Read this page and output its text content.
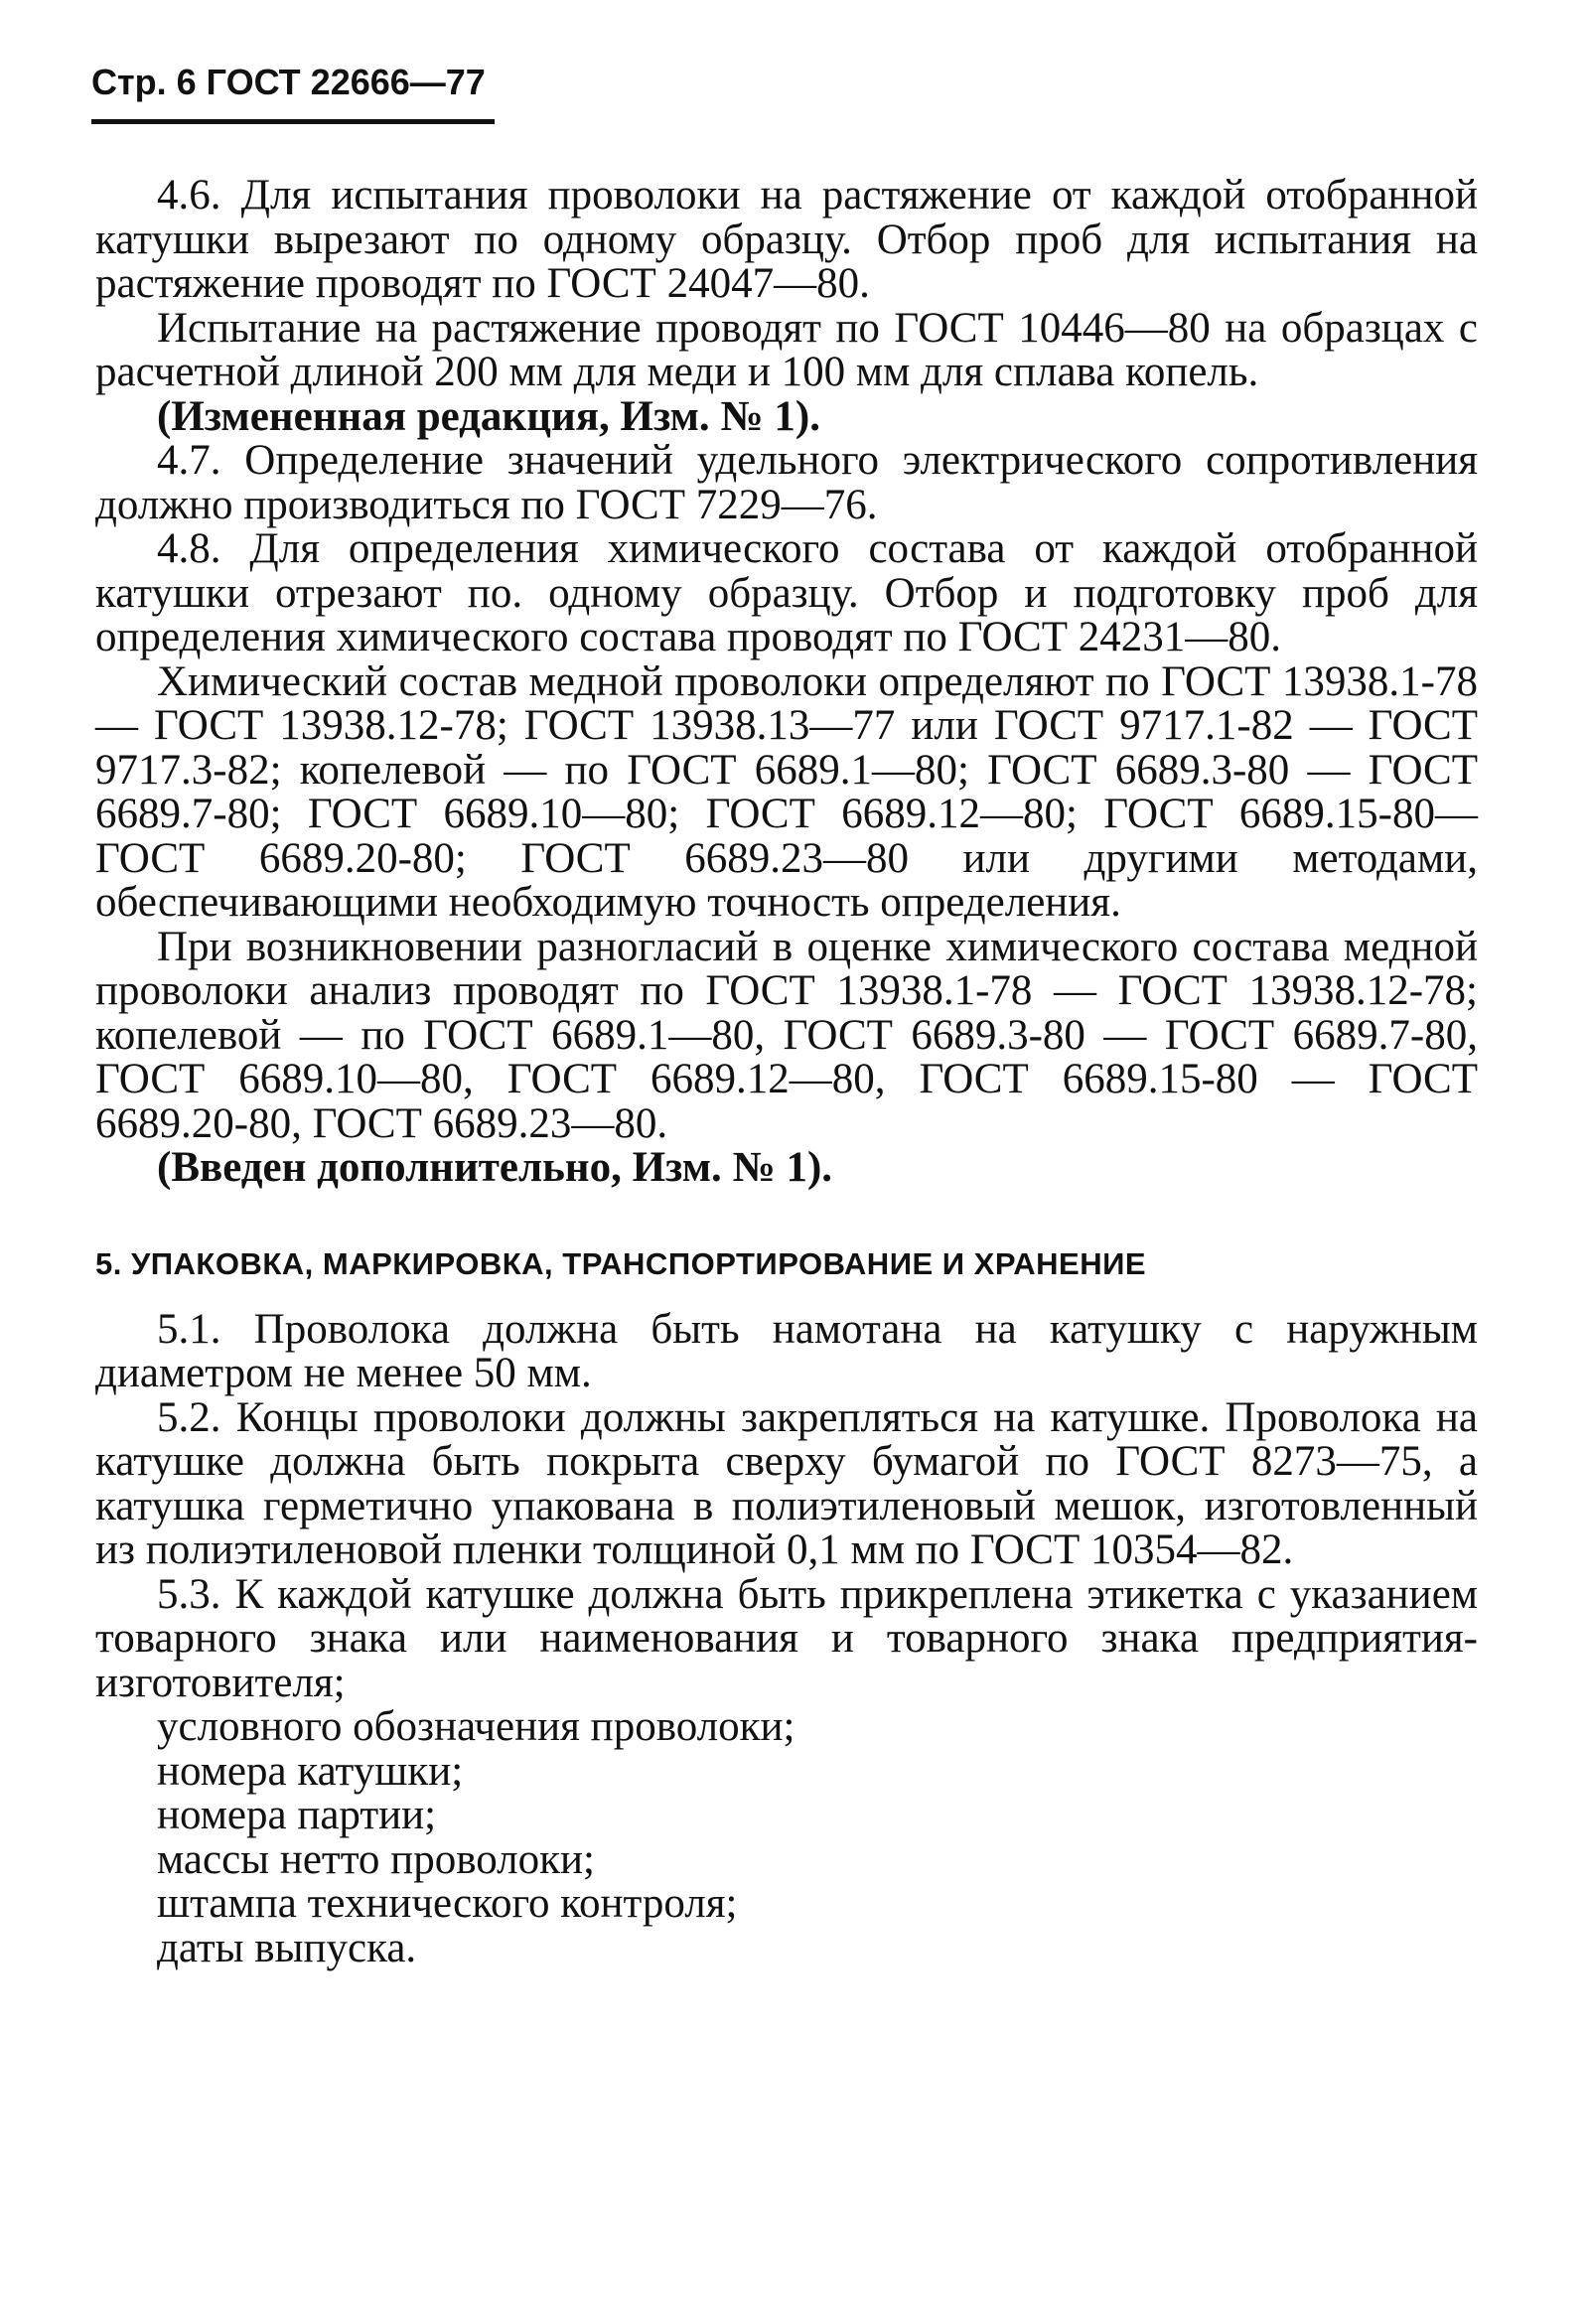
Стр. 6 ГОСТ 22666—77

4.6. Для испытания проволоки на растяжение от каждой отобранной катушки вырезают по одному образцу. Отбор проб для испытания на растяжение проводят по ГОСТ 24047—80.

Испытание на растяжение проводят по ГОСТ 10446—80 на образцах с расчетной длиной 200 мм для меди и 100 мм для сплава копель.

(Измененная редакция, Изм. № 1).

4.7. Определение значений удельного электрического сопротивления должно производиться по ГОСТ 7229—76.

4.8. Для определения химического состава от каждой отобранной катушки отрезают по. одному образцу. Отбор и подготовку проб для определения химического состава проводят по ГОСТ 24231—80.

Химический состав медной проволоки определяют по ГОСТ 13938.1-78 — ГОСТ 13938.12-78; ГОСТ 13938.13—77 или ГОСТ 9717.1-82 — ГОСТ 9717.3-82; копелевой — по ГОСТ 6689.1—80; ГОСТ 6689.3-80 — ГОСТ 6689.7-80; ГОСТ 6689.10—80; ГОСТ 6689.12—80; ГОСТ 6689.15-80—ГОСТ 6689.20-80; ГОСТ 6689.23—80 или другими методами, обеспечивающими необходимую точность определения.

При возникновении разногласий в оценке химического состава медной проволоки анализ проводят по ГОСТ 13938.1-78 — ГОСТ 13938.12-78; копелевой — по ГОСТ 6689.1—80, ГОСТ 6689.3-80 — ГОСТ 6689.7-80, ГОСТ 6689.10—80, ГОСТ 6689.12—80, ГОСТ 6689.15-80 — ГОСТ 6689.20-80, ГОСТ 6689.23—80.

(Введен дополнительно, Изм. № 1).

5. УПАКОВКА, МАРКИРОВКА, ТРАНСПОРТИРОВАНИЕ И ХРАНЕНИЕ

5.1. Проволока должна быть намотана на катушку с наружным диаметром не менее 50 мм.

5.2. Концы проволоки должны закрепляться на катушке. Проволока на катушке должна быть покрыта сверху бумагой по ГОСТ 8273—75, а катушка герметично упакована в полиэтиленовый мешок, изготовленный из полиэтиленовой пленки толщиной 0,1 мм по ГОСТ 10354—82.

5.3. К каждой катушке должна быть прикреплена этикетка с указанием товарного знака или наименования и товарного знака предприятия-изготовителя;

условного обозначения проволоки;

номера катушки;

номера партии;

массы нетто проволоки;

штампа технического контроля;

даты выпуска.
